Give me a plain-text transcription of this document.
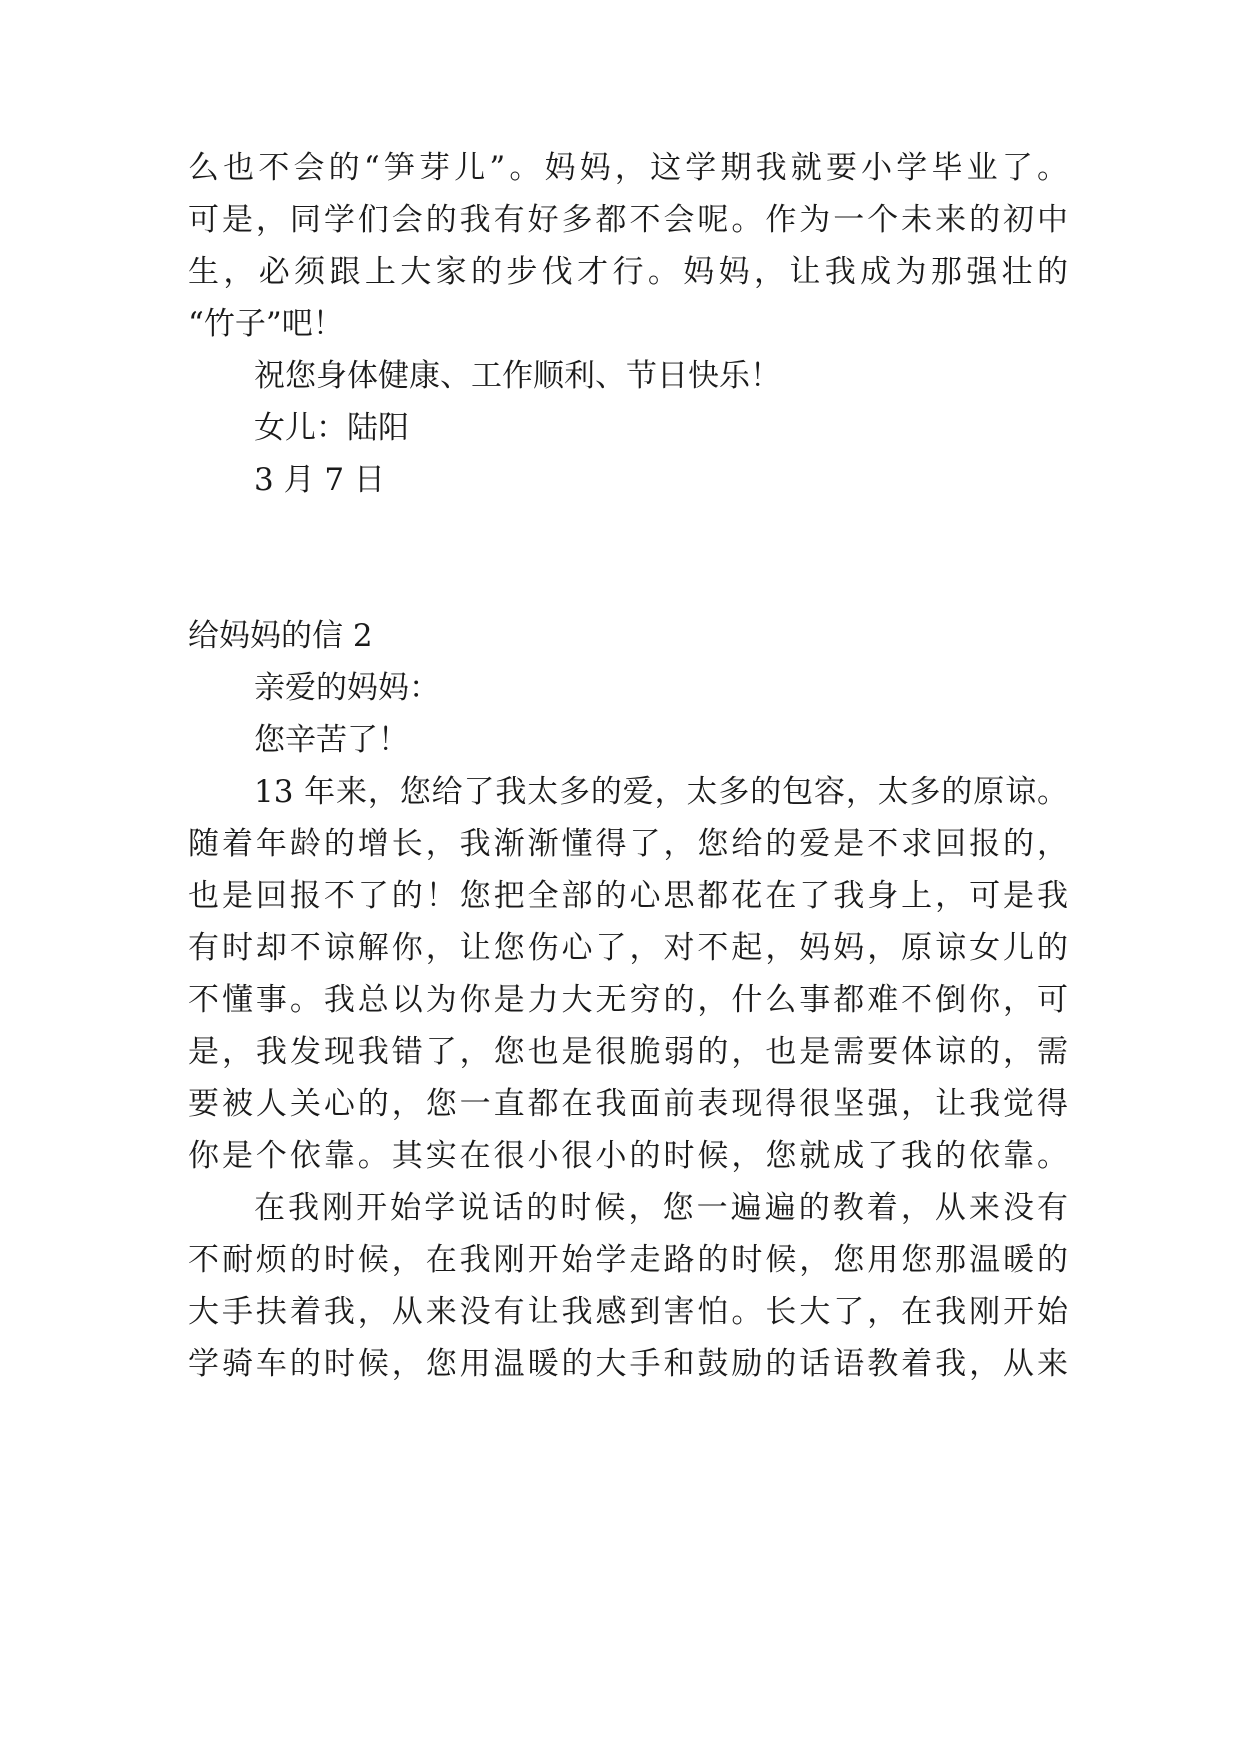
么也不会的“笋芽儿”。妈妈，这学期我就要小学毕业了。
可是，同学们会的我有好多都不会呢。作为一个未来的初中
生，必须跟上大家的步伐才行。妈妈，让我成为那强壮的
“竹子”吧！
祝您身体健康、工作顺利、节日快乐！
女儿：陆阳
3 月 7 日
给妈妈的信 2
亲爱的妈妈：
您辛苦了！
13 年来，您给了我太多的爱，太多的包容，太多的原谅。
随着年龄的增长，我渐渐懂得了，您给的爱是不求回报的，
也是回报不了的！您把全部的心思都花在了我身上，可是我
有时却不谅解你，让您伤心了，对不起，妈妈，原谅女儿的
不懂事。我总以为你是力大无穷的，什么事都难不倒你，可
是，我发现我错了，您也是很脆弱的，也是需要体谅的，需
要被人关心的，您一直都在我面前表现得很坚强，让我觉得
你是个依靠。其实在很小很小的时候，您就成了我的依靠。
在我刚开始学说话的时候，您一遍遍的教着，从来没有
不耐烦的时候，在我刚开始学走路的时候，您用您那温暖的
大手扶着我，从来没有让我感到害怕。长大了，在我刚开始
学骑车的时候，您用温暖的大手和鼓励的话语教着我，从来
